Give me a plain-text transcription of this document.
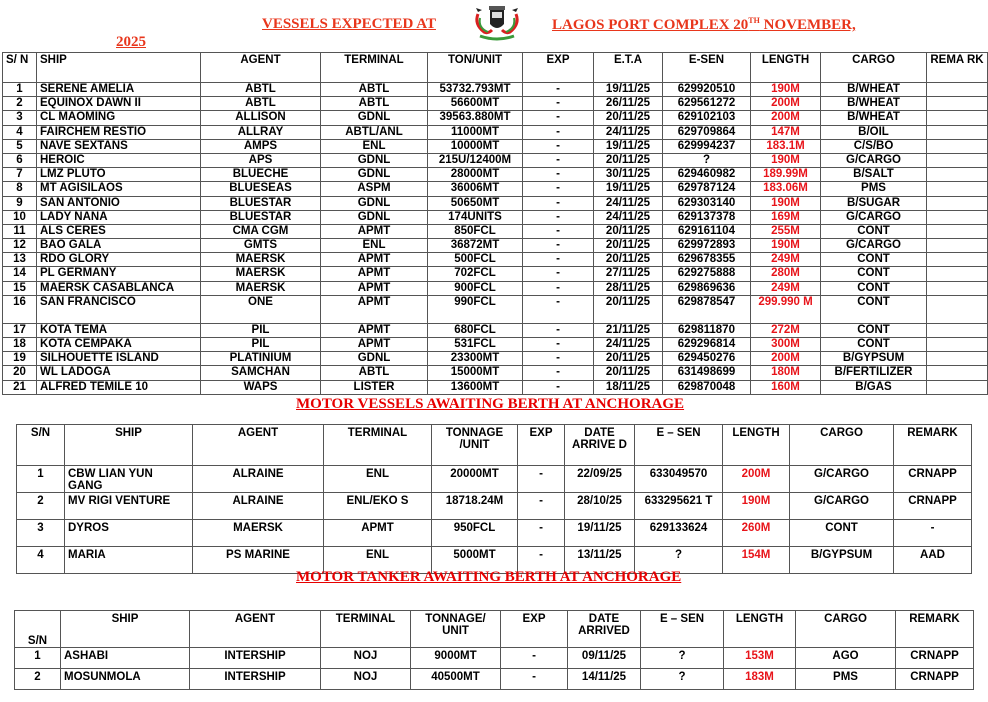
VESSELS EXPECTED AT	LAGOS PORT COMPLEX 20TH NOVEMBER,
2025
S/ N	SHIP	AGENT	TERMINAL	TON/UNIT	EXP	E.T.A	E-SEN	LENGTH	CARGO	REMA RK
1	SERENE AMELIA	ABTL	ABTL	53732.793MT	-	19/11/25	629920510	190M	B/WHEAT	
2	EQUINOX DAWN II	ABTL	ABTL	56600MT	-	26/11/25	629561272	200M	B/WHEAT	
3	CL MAOMING	ALLISON	GDNL	39563.880MT	-	20/11/25	629102103	200M	B/WHEAT	
4	FAIRCHEM RESTIO	ALLRAY	ABTL/ANL	11000MT	-	24/11/25	629709864	147M	B/OIL	
5	NAVE SEXTANS	AMPS	ENL	10000MT	-	19/11/25	629994237	183.1M	C/S/BO	
6	HEROIC	APS	GDNL	215U/12400M	-	20/11/25	?	190M	G/CARGO	
7	LMZ PLUTO	BLUECHE	GDNL	28000MT	-	30/11/25	629460982	189.99M	B/SALT	
8	MT AGISILAOS	BLUESEAS	ASPM	36006MT	-	19/11/25	629787124	183.06M	PMS	
9	SAN ANTONIO	BLUESTAR	GDNL	50650MT	-	24/11/25	629303140	190M	B/SUGAR	
10	LADY NANA	BLUESTAR	GDNL	174UNITS	-	24/11/25	629137378	169M	G/CARGO	
11	ALS CERES	CMA CGM	APMT	850FCL	-	20/11/25	629161104	255M	CONT	
12	BAO GALA	GMTS	ENL	36872MT	-	20/11/25	629972893	190M	G/CARGO	
13	RDO GLORY	MAERSK	APMT	500FCL	-	20/11/25	629678355	249M	CONT	
14	PL GERMANY	MAERSK	APMT	702FCL	-	27/11/25	629275888	280M	CONT	
15	MAERSK CASABLANCA	MAERSK	APMT	900FCL	-	28/11/25	629869636	249M	CONT	
16	SAN FRANCISCO	ONE	APMT	990FCL	-	20/11/25	629878547	299.990 M	CONT	
17	KOTA TEMA	PIL	APMT	680FCL	-	21/11/25	629811870	272M	CONT	
18	KOTA CEMPAKA	PIL	APMT	531FCL	-	24/11/25	629296814	300M	CONT	
19	SILHOUETTE ISLAND	PLATINIUM	GDNL	23300MT	-	20/11/25	629450276	200M	B/GYPSUM	
20	WL LADOGA	SAMCHAN	ABTL	15000MT	-	20/11/25	631498699	180M	B/FERTILIZER	
21	ALFRED TEMILE 10	WAPS	LISTER	13600MT	-	18/11/25	629870048	160M	B/GAS	
MOTOR VESSELS AWAITING BERTH AT ANCHORAGE
S/N	SHIP	AGENT	TERMINAL	TONNAGE /UNIT	EXP	DATE ARRIVE D	E – SEN	LENGTH	CARGO	REMARK
1	CBW LIAN YUN GANG	ALRAINE	ENL	20000MT	-	22/09/25	633049570	200M	G/CARGO	CRNAPP
2	MV RIGI VENTURE	ALRAINE	ENL/EKO S	18718.24M	-	28/10/25	633295621 T	190M	G/CARGO	CRNAPP
3	DYROS	MAERSK	APMT	950FCL	-	19/11/25	629133624	260M	CONT	-
4	MARIA	PS MARINE	ENL	5000MT	-	13/11/25	?	154M	B/GYPSUM	AAD
MOTOR TANKER AWAITING BERTH AT ANCHORAGE
S/N	SHIP	AGENT	TERMINAL	TONNAGE/ UNIT	EXP	DATE ARRIVED	E – SEN	LENGTH	CARGO	REMARK
1	ASHABI	INTERSHIP	NOJ	9000MT	-	09/11/25	?	153M	AGO	CRNAPP
2	MOSUNMOLA	INTERSHIP	NOJ	40500MT	-	14/11/25	?	183M	PMS	CRNAPP
